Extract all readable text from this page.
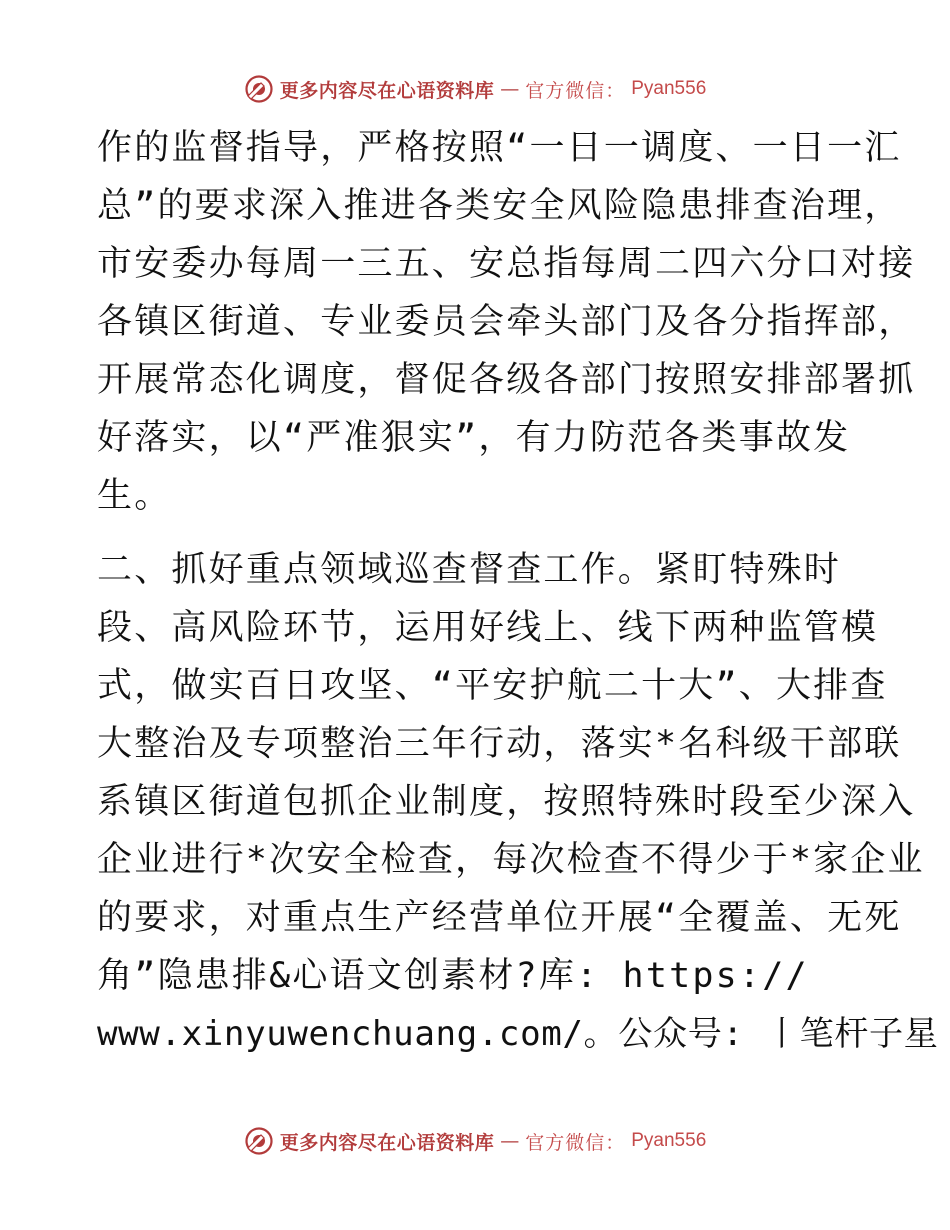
更多内容尽在心语资料库 — 官方微信： Pyan556
作的监督指导，严格按照“一日一调度、一日一汇
总”的要求深入推进各类安全风险隐患排查治理，
市安委办每周一三五、安总指每周二四六分口对接
各镇区街道、专业委员会牵头部门及各分指挥部，
开展常态化调度，督促各级各部门按照安排部署抓
好落实，以“严准狠实”，有力防范各类事故发
生。
二、抓好重点领域巡查督查工作。紧盯特殊时
段、高风险环节，运用好线上、线下两种监管模
式，做实百日攻坚、“平安护航二十大”、大排查
大整治及专项整治三年行动，落实*名科级干部联
系镇区街道包抓企业制度，按照特殊时段至少深入
企业进行*次安全检查，每次检查不得少于*家企业
的要求，对重点生产经营单位开展“全覆盖、无死
角”隐患排&心语文创素材?库: https://
www.xinyuwenchuang.com/。公众号: 丨笔杆子星
更多内容尽在心语资料库 — 官方微信： Pyan556
